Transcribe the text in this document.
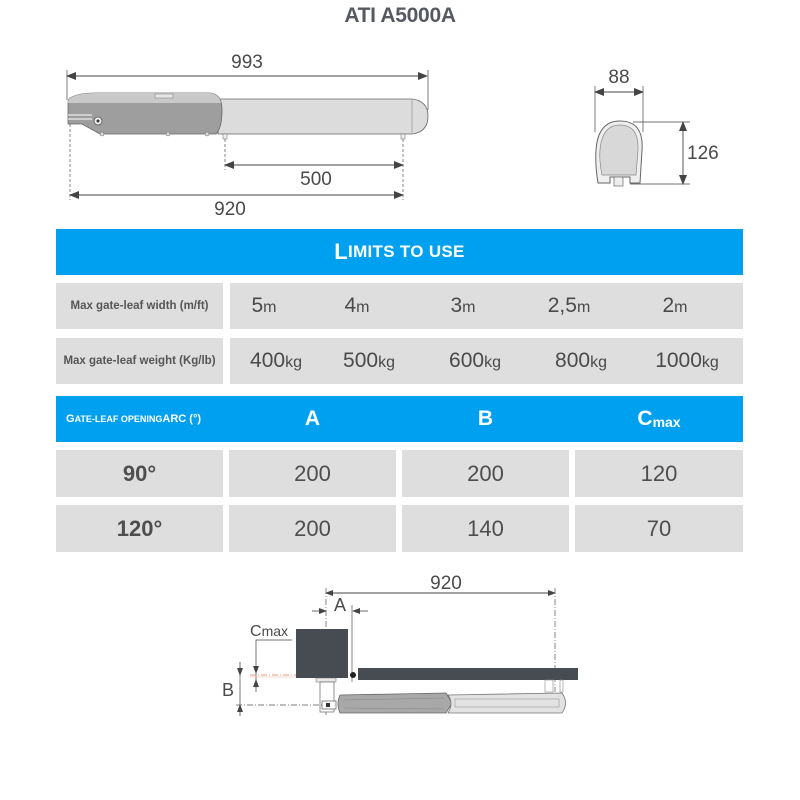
ATI A5000A
993
500
920
88
126
L IMITS TO USE
Max gate-leaf width (m/ft)	5m	4m	3m	2,5m	2m
Max gate-leaf weight (Kg/lb)	400kg	500kg	600kg	800kg	1000kg
G ATE-LEAF OPENING ARC (°)	A	B	C max
90°	200	200	120
120°	200	140	70
920
A
Cmax
B
